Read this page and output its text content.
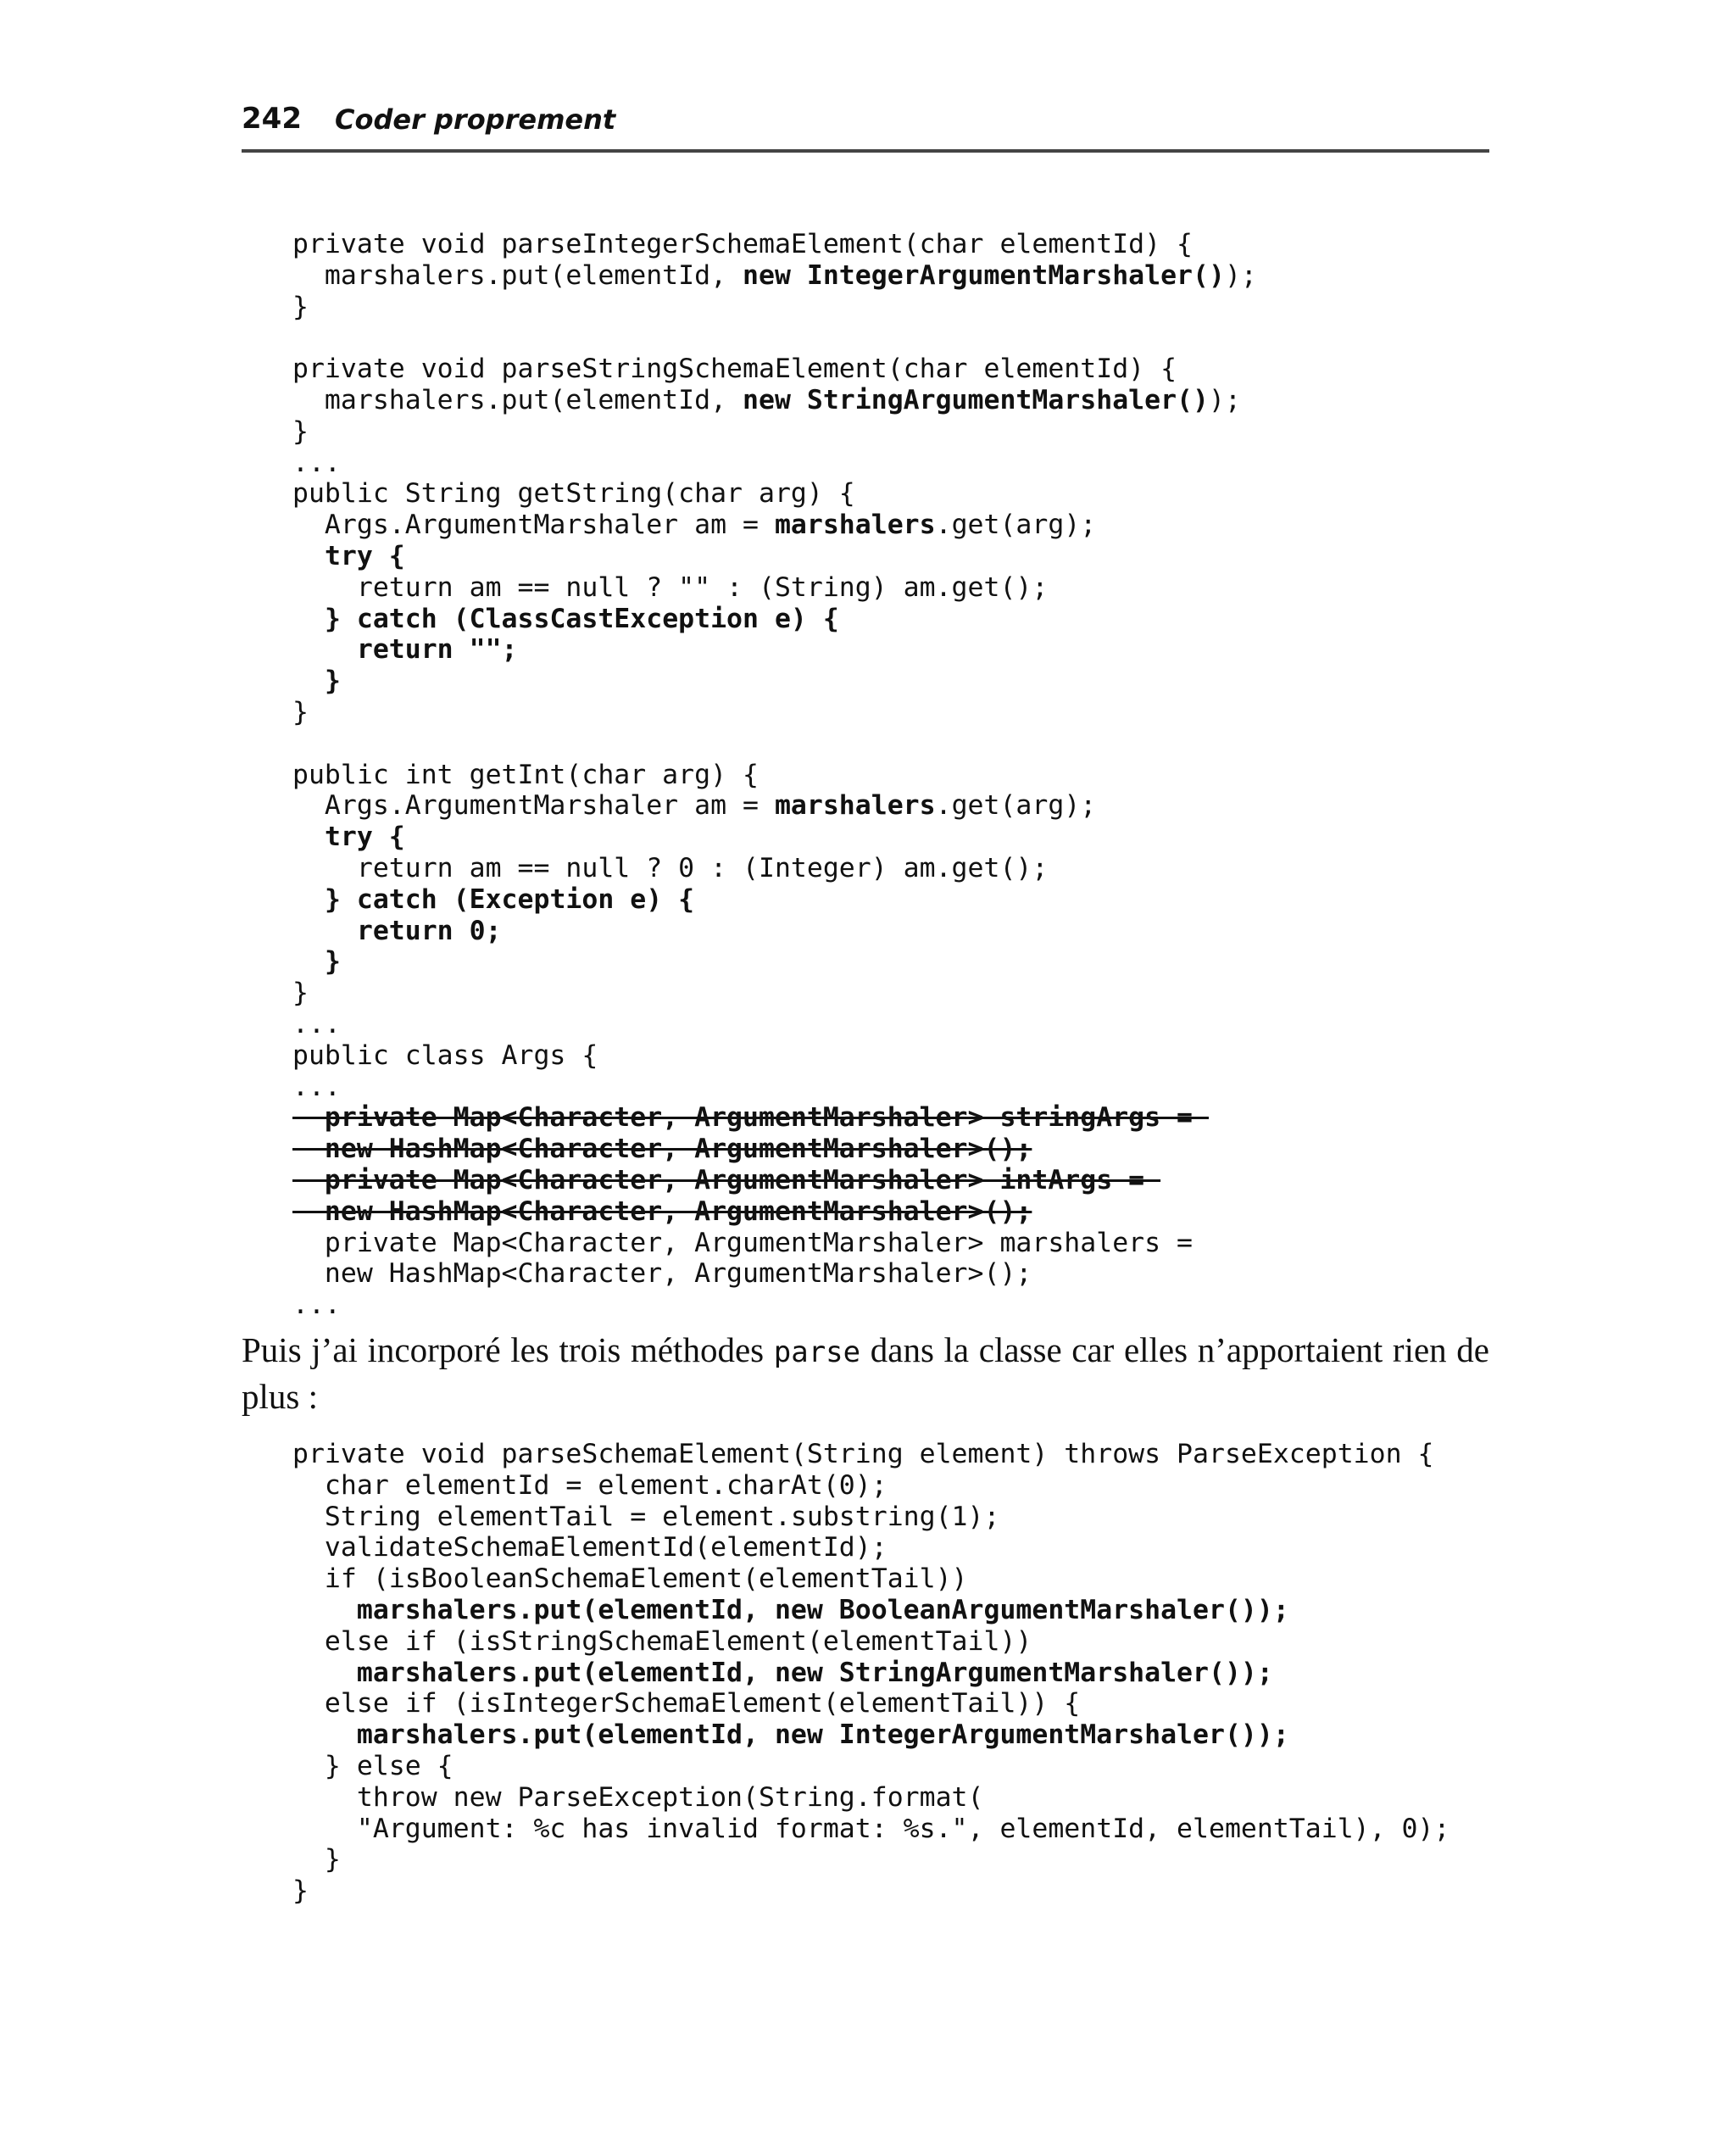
242 Coder proprement
private void parseIntegerSchemaElement(char elementId) {
marshalers.put(elementId, new IntegerArgumentMarshaler());
}
private void parseStringSchemaElement(char elementId) {
marshalers.put(elementId, new StringArgumentMarshaler());
}
...
public String getString(char arg) {
Args.ArgumentMarshaler am = marshalers.get(arg);
try {
return am == null ? "" : (String) am.get();
} catch (ClassCastException e) {
return "";
}
}
public int getInt(char arg) {
Args.ArgumentMarshaler am = marshalers.get(arg);
try {
return am == null ? 0 : (Integer) am.get();
} catch (Exception e) {
return 0;
}
}
...
public class Args {
...
private Map<Character, ArgumentMarshaler> stringArgs =
new HashMap<Character, ArgumentMarshaler>();
private Map<Character, ArgumentMarshaler> intArgs =
new HashMap<Character, ArgumentMarshaler>();
private Map<Character, ArgumentMarshaler> marshalers =
new HashMap<Character, ArgumentMarshaler>();
...

Puis j’ai incorporé les trois méthodes parse dans la classe car elles n’apportaient rien de plus :

private void parseSchemaElement(String element) throws ParseException {
char elementId = element.charAt(0);
String elementTail = element.substring(1);
validateSchemaElementId(elementId);
if (isBooleanSchemaElement(elementTail))
marshalers.put(elementId, new BooleanArgumentMarshaler());
else if (isStringSchemaElement(elementTail))
marshalers.put(elementId, new StringArgumentMarshaler());
else if (isIntegerSchemaElement(elementTail)) {
marshalers.put(elementId, new IntegerArgumentMarshaler());
} else {
throw new ParseException(String.format(
"Argument: %c has invalid format: %s.", elementId, elementTail), 0);
}
}
